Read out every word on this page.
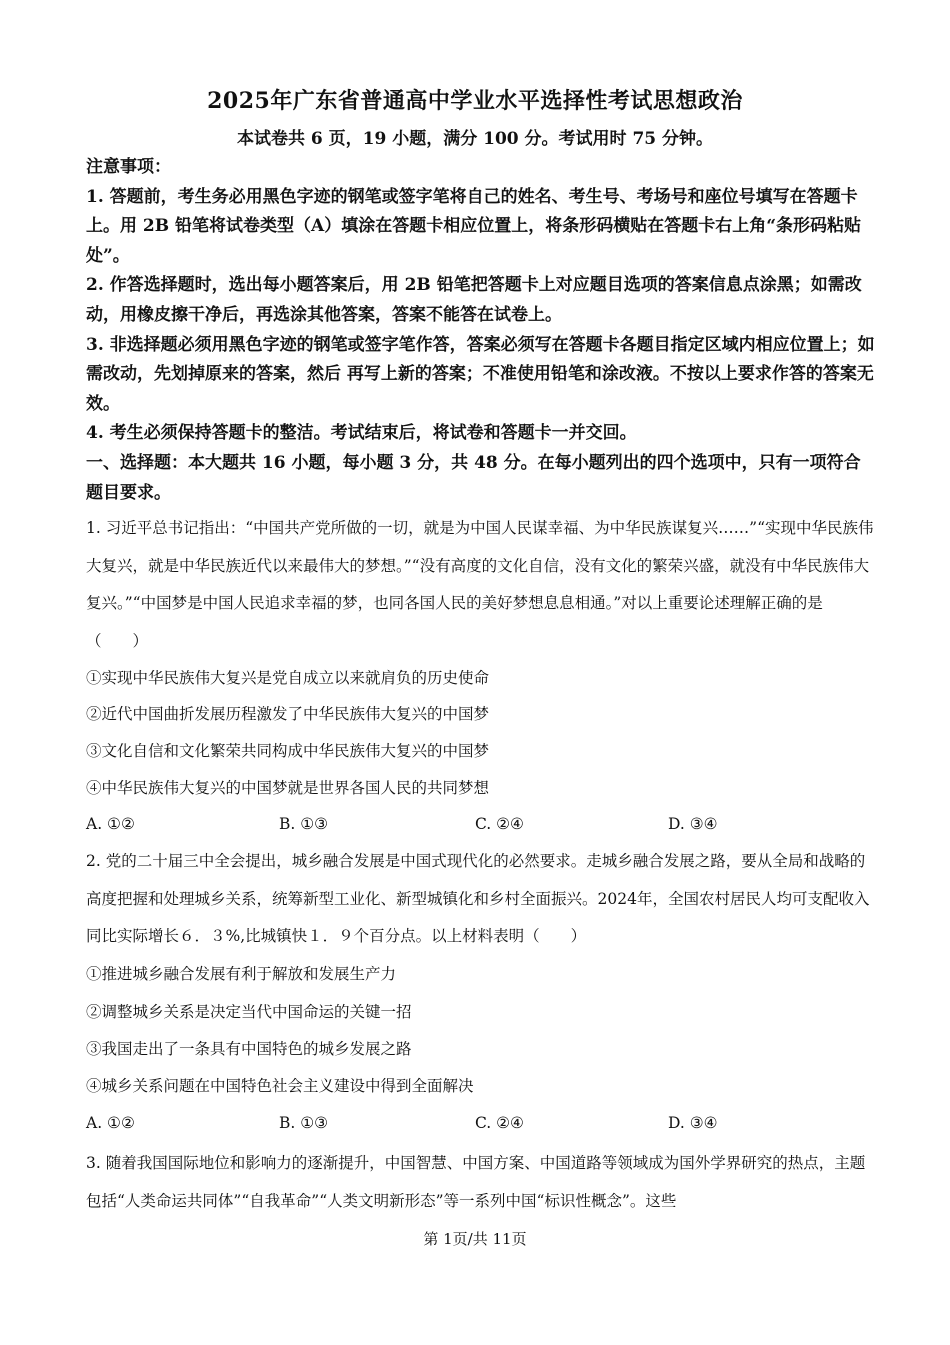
2025年广东省普通高中学业水平选择性考试思想政治
本试卷共 6 页，19 小题，满分 100 分。考试用时 75 分钟。

注意事项：

1. 答题前，考生务必用黑色字迹的钢笔或签字笔将自己的姓名、考生号、考场号和座位号填写在答题卡上。用 2B 铅笔将试卷类型（A）填涂在答题卡相应位置上，将条形码横贴在答题卡右上角“条形码粘贴处”。

2. 作答选择题时，选出每小题答案后，用 2B 铅笔把答题卡上对应题目选项的答案信息点涂黑；如需改动，用橡皮擦干净后，再选涂其他答案，答案不能答在试卷上。

3. 非选择题必须用黑色字迹的钢笔或签字笔作答，答案必须写在答题卡各题目指定区域内相应位置上；如需改动，先划掉原来的答案，然后 再写上新的答案；不准使用铅笔和涂改液。不按以上要求作答的答案无效。

4. 考生必须保持答题卡的整洁。考试结束后，将试卷和答题卡一并交回。

一、选择题：本大题共 16 小题，每小题 3 分，共 48 分。在每小题列出的四个选项中，只有一项符合题目要求。

1. 习近平总书记指出：“中国共产党所做的一切，就是为中国人民谋幸福、为中华民族谋复兴……”“实现中华民族伟大复兴，就是中华民族近代以来最伟大的梦想。”“没有高度的文化自信，没有文化的繁荣兴盛，就没有中华民族伟大复兴。”“中国梦是中国人民追求幸福的梦，也同各国人民的美好梦想息息相通。”对以上重要论述理解正确的是（　　）

①实现中华民族伟大复兴是党自成立以来就肩负的历史使命
②近代中国曲折发展历程激发了中华民族伟大复兴的中国梦
③文化自信和文化繁荣共同构成中华民族伟大复兴的中国梦
④中华民族伟大复兴的中国梦就是世界各国人民的共同梦想
A. ①②	B. ①③	C. ②④	D. ③④

2. 党的二十届三中全会提出，城乡融合发展是中国式现代化的必然要求。走城乡融合发展之路，要从全局和战略的高度把握和处理城乡关系，统筹新型工业化、新型城镇化和乡村全面振兴。2024年，全国农村居民人均可支配收入同比实际增长６．３%,比城镇快１．９个百分点。以上材料表明（　　）

①推进城乡融合发展有利于解放和发展生产力
②调整城乡关系是决定当代中国命运的关键一招
③我国走出了一条具有中国特色的城乡发展之路
④城乡关系问题在中国特色社会主义建设中得到全面解决
A. ①②	B. ①③	C. ②④	D. ③④

3. 随着我国国际地位和影响力的逐渐提升，中国智慧、中国方案、中国道路等领域成为国外学界研究的热点，主题包括“人类命运共同体”“自我革命”“人类文明新形态”等一系列中国“标识性概念”。这些

第 1页/共 11页
